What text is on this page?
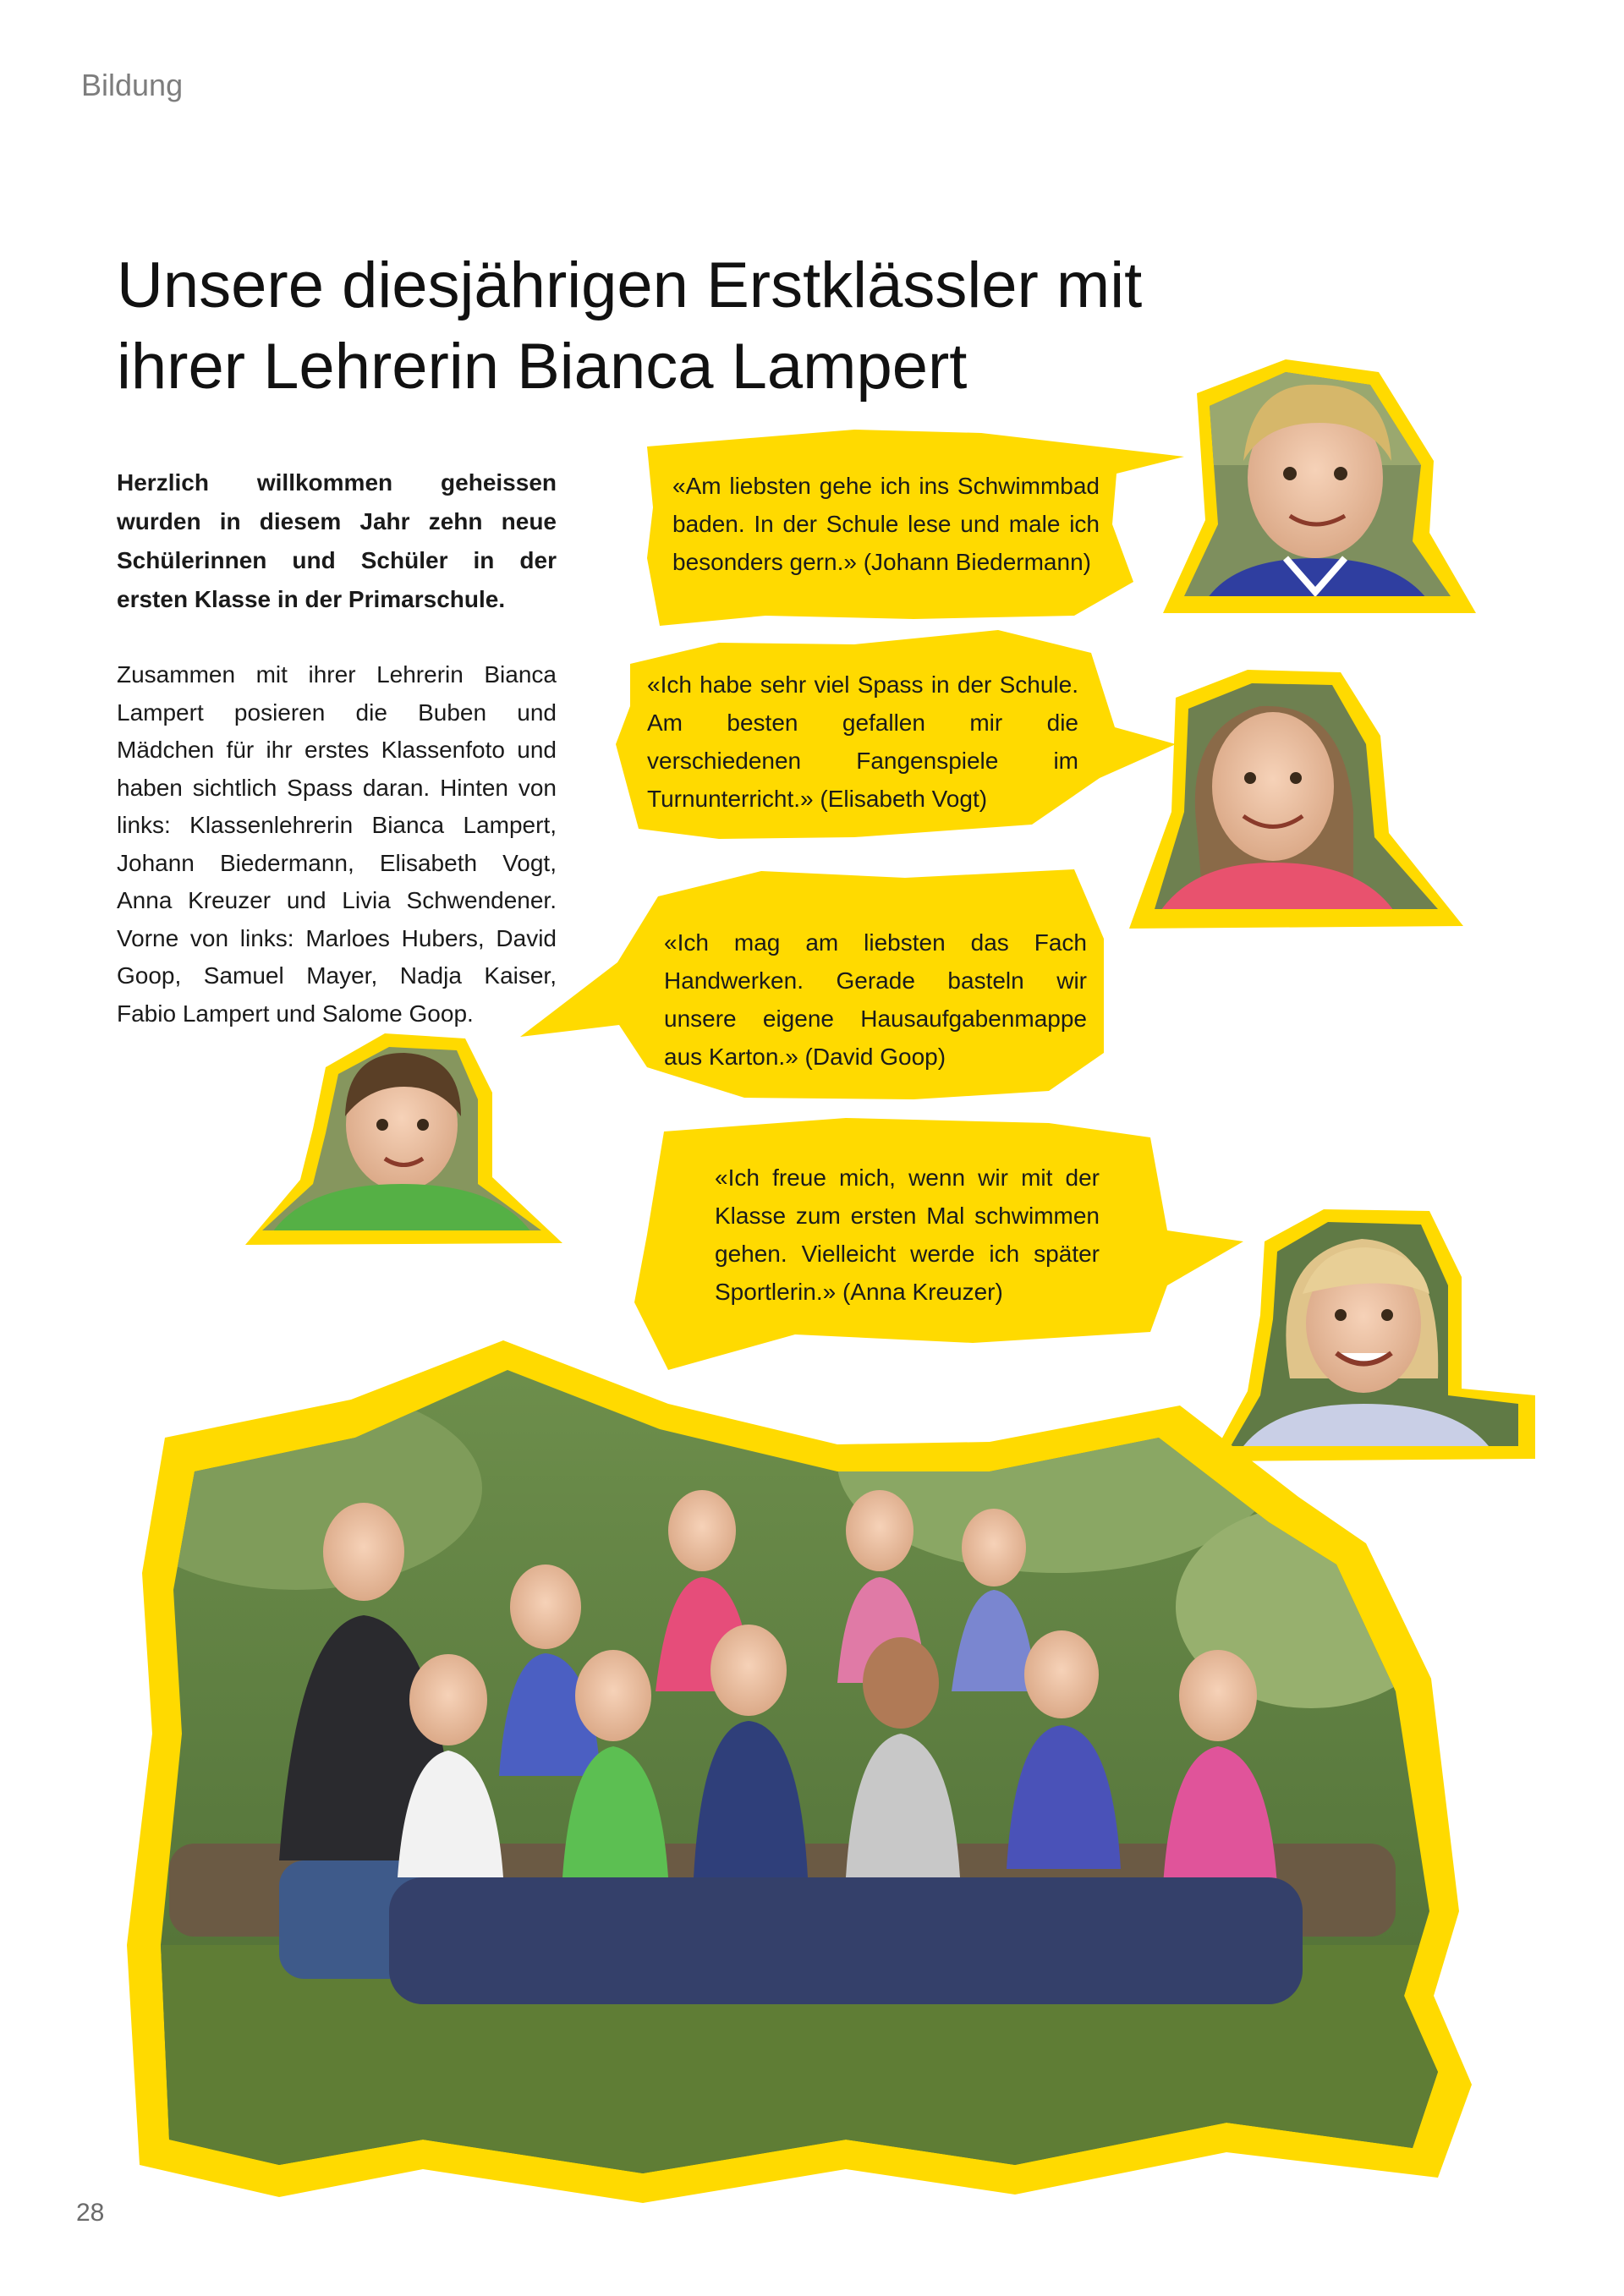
Bildung
Unsere diesjährigen Erstklässler mit
ihrer Lehrerin Bianca Lampert
Herzlich willkommen geheissen wurden in diesem Jahr zehn neue Schülerinnen und Schüler in der ersten Klasse in der Primarschule.
Zusammen mit ihrer Lehrerin Bianca Lampert posieren die Buben und Mädchen für ihr erstes Klassenfoto und haben sichtlich Spass daran. Hinten von links: Klassenlehrerin Bianca Lampert, Johann Biedermann, Elisabeth Vogt, Anna Kreuzer und Livia Schwendener. Vorne von links: Marloes Hubers, David Goop, Samuel Mayer, Nadja Kaiser, Fabio Lampert und Salome Goop.
«Am liebsten gehe ich ins Schwimmbad baden. In der Schule lese und male ich besonders gern.» (Johann Biedermann)
«Ich habe sehr viel Spass in der Schule. Am besten gefallen mir die verschiedenen Fangenspiele im Turnunterricht.» (Elisabeth Vogt)
«Ich mag am liebsten das Fach Handwerken. Gerade basteln wir unsere eigene Hausaufgabenmappe aus Karton.» (David Goop)
«Ich freue mich, wenn wir mit der Klasse zum ersten Mal schwimmen gehen. Vielleicht werde ich später Sportlerin.» (Anna Kreuzer)
28
